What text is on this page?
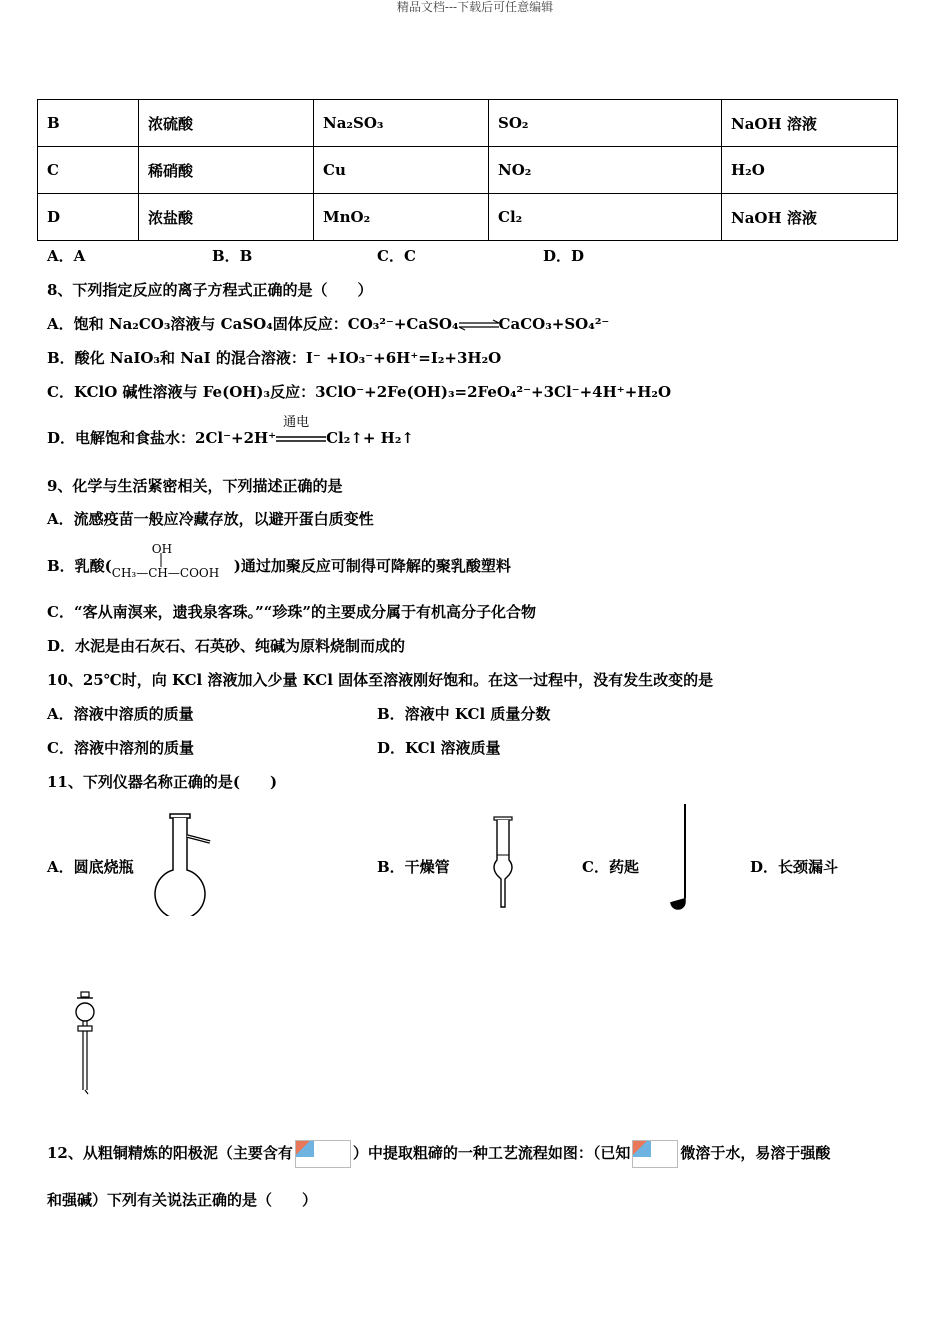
精品文档---下载后可任意编辑
B	浓硫酸	Na₂SO₃	SO₂	NaOH 溶液
C	稀硝酸	Cu	NO₂	H₂O
D	浓盐酸	MnO₂	Cl₂	NaOH 溶液
A．A	B．B	C．C	D．D
8、下列指定反应的离子方程式正确的是（　　）
A．饱和 Na₂CO₃溶液与 CaSO₄固体反应：CO₃²⁻+CaSO₄⇌CaCO₃+SO₄²⁻
B．酸化 NaIO₃和 NaI 的混合溶液：I⁻ +IO₃⁻+6H⁺=I₂+3H₂O
C．KClO 碱性溶液与 Fe(OH)₃反应：3ClO⁻+2Fe(OH)₃=2FeO₄²⁻+3Cl⁻+4H⁺+H₂O
D．电解饱和食盐水：2Cl⁻+2H⁺
通电
Cl₂↑+ H₂↑
9、化学与生活紧密相关，下列描述正确的是
A．流感疫苗一般应冷藏存放，以避开蛋白质变性
B．乳酸(
OH
CH₃—CH—COOH )通过加聚反应可制得可降解的聚乳酸塑料
C．“客从南溟来，遗我泉客珠。”“珍珠”的主要成分属于有机高分子化合物
D．水泥是由石灰石、石英砂、纯碱为原料烧制而成的
10、25℃时，向 KCl 溶液加入少量 KCl 固体至溶液刚好饱和。在这一过程中，没有发生改变的是
A．溶液中溶质的质量	B．溶液中 KCl 质量分数
C．溶液中溶剂的质量	D．KCl 溶液质量
11、下列仪器名称正确的是(　　)
A．圆底烧瓶	B．干燥管	C．药匙	D．长颈漏斗
12、从粗铜精炼的阳极泥（主要含有	）中提取粗碲的一种工艺流程如图：（已知	微溶于水，易溶于强酸
和强碱）下列有关说法正确的是（　　）
